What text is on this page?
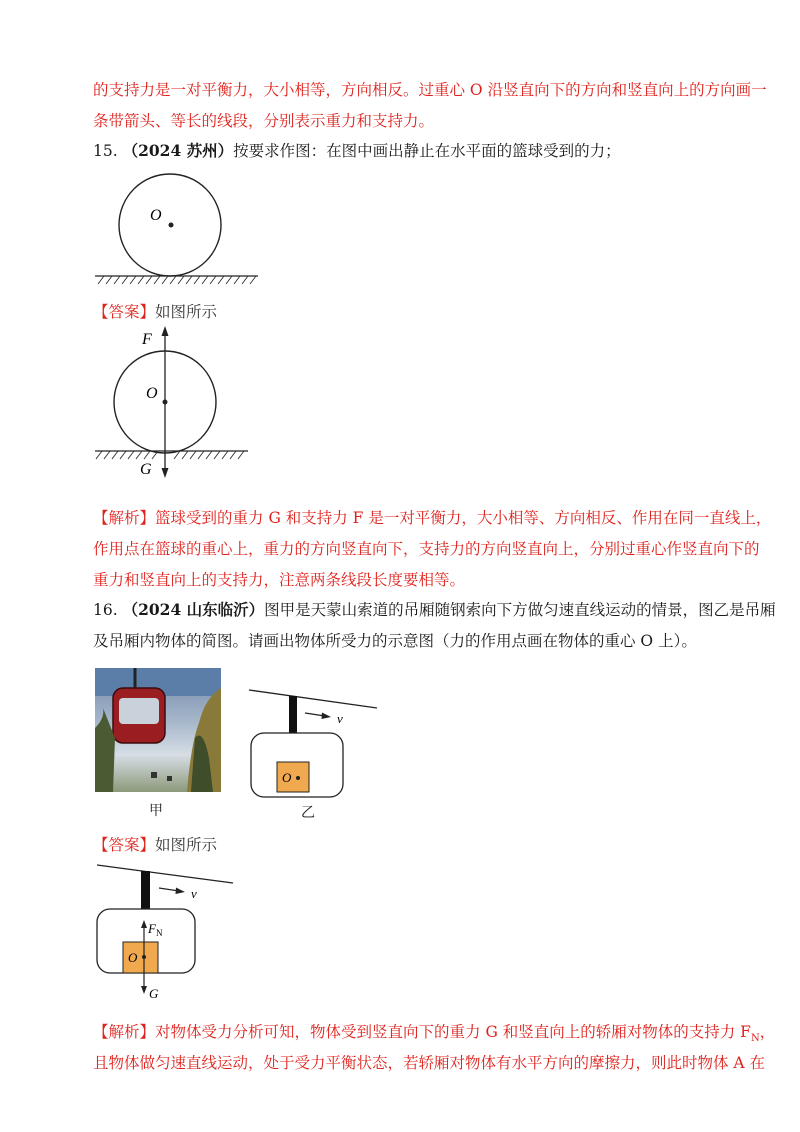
的支持力是一对平衡力，大小相等，方向相反。过重心 O 沿竖直向下的方向和竖直向上的方向画一
条带箭头、等长的线段，分别表示重力和支持力。
15. （2024 苏州）按要求作图：在图中画出静止在水平面的篮球受到的力；
O
【答案】如图所示
O
F
G
【解析】篮球受到的重力 G 和支持力 F 是一对平衡力，大小相等、方向相反、作用在同一直线上，
作用点在篮球的重心上，重力的方向竖直向下，支持力的方向竖直向上，分别过重心作竖直向下的
重力和竖直向上的支持力，注意两条线段长度要相等。
16. （2024 山东临沂）图甲是天蒙山索道的吊厢随钢索向下方做匀速直线运动的情景，图乙是吊厢
及吊厢内物体的简图。请画出物体所受力的示意图（力的作用点画在物体的重心 O 上）。
甲
v
O
乙
【答案】如图所示
v
O
$F_N$
G
【解析】对物体受力分析可知，物体受到竖直向下的重力 G 和竖直向上的轿厢对物体的支持力 $F_N$，
且物体做匀速直线运动，处于受力平衡状态，若轿厢对物体有水平方向的摩擦力，则此时物体 A 在
